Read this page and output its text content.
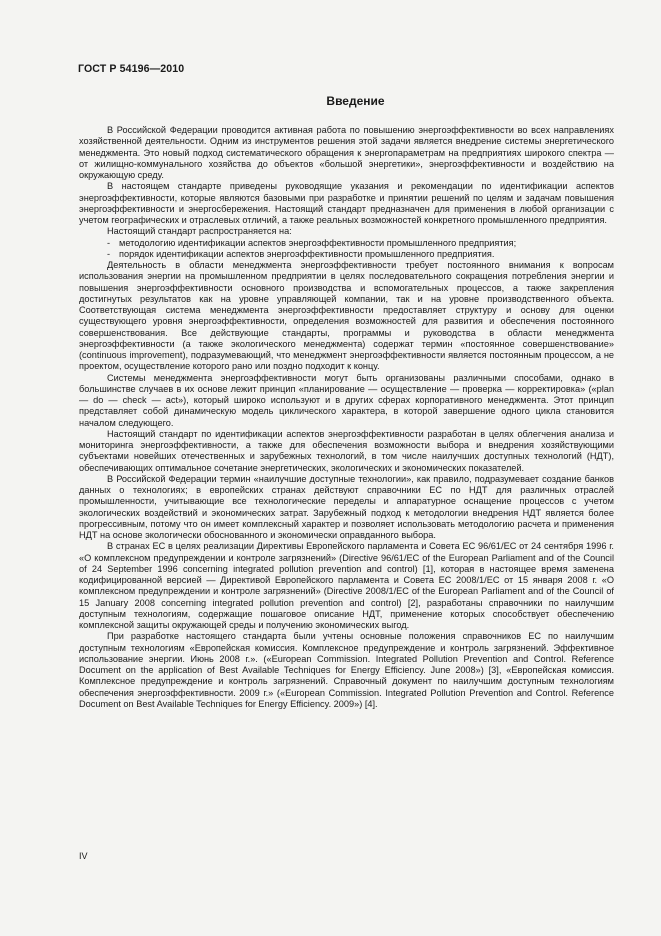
ГОСТ Р 54196—2010
Введение

В Российской Федерации проводится активная работа по повышению энергоэффективности во всех направлениях хозяйственной деятельности. Одним из инструментов решения этой задачи является внедрение системы энергетического менеджмента. Это новый подход систематического обращения к энергопараметрам на предприятиях широкого спектра — от жилищно-коммунального хозяйства до объектов «большой энергетики», энергоэффективности и воздействию на окружающую среду.

В настоящем стандарте приведены руководящие указания и рекомендации по идентификации аспектов энергоэффективности, которые являются базовыми при разработке и принятии решений по целям и задачам повышения энергоэффективности и энергосбережения. Настоящий стандарт предназначен для применения в любой организации с учетом географических и отраслевых отличий, а также реальных возможностей конкретного промышленного предприятия.

Настоящий стандарт распространяется на:

- методологию идентификации аспектов энергоэффективности промышленного предприятия;
- порядок идентификации аспектов энергоэффективности промышленного предприятия.

Деятельность в области менеджмента энергоэффективности требует постоянного внимания к вопросам использования энергии на промышленном предприятии в целях последовательного сокращения потребления энергии и повышения энергоэффективности основного производства и вспомогательных процессов, а также закрепления достигнутых результатов как на уровне управляющей компании, так и на уровне производственного объекта. Соответствующая система менеджмента энергоэффективности предоставляет структуру и основу для оценки существующего уровня энергоэффективности, определения возможностей для развития и обеспечения постоянного совершенствования. Все действующие стандарты, программы и руководства в области менеджмента энергоэффективности (а также экологического менеджмента) содержат термин «постоянное совершенствование» (continuous improvement), подразумевающий, что менеджмент энергоэффективности является постоянным процессом, а не проектом, осуществление которого рано или поздно подходит к концу.

Системы менеджмента энергоэффективности могут быть организованы различными способами, однако в большинстве случаев в их основе лежит принцип «планирование — осуществление — проверка — корректировка» («plan — do — check — act»), который широко используют и в других сферах корпоративного менеджмента. Этот принцип представляет собой динамическую модель циклического характера, в которой завершение одного цикла становится началом следующего.

Настоящий стандарт по идентификации аспектов энергоэффективности разработан в целях облегчения анализа и мониторинга энергоэффективности, а также для обеспечения возможности выбора и внедрения хозяйствующими субъектами новейших отечественных и зарубежных технологий, в том числе наилучших доступных технологий (НДТ), обеспечивающих оптимальное сочетание энергетических, экологических и экономических показателей.

В Российской Федерации термин «наилучшие доступные технологии», как правило, подразумевает создание банков данных о технологиях; в европейских странах действуют справочники ЕС по НДТ для различных отраслей промышленности, учитывающие все технологические переделы и аппаратурное оснащение процессов с учетом экологических воздействий и экономических затрат. Зарубежный подход к методологии внедрения НДТ является более прогрессивным, потому что он имеет комплексный характер и позволяет использовать методологию расчета и применения НДТ на основе экологически обоснованного и экономически оправданного выбора.

В странах ЕС в целях реализации Директивы Европейского парламента и Совета ЕС 96/61/ЕС от 24 сентября 1996 г. «О комплексном предупреждении и контроле загрязнений» (Directive 96/61/EC of the European Parliament and of the Council of 24 September 1996 concerning integrated pollution prevention and control) [1], которая в настоящее время заменена кодифицированной версией — Директивой Европейского парламента и Совета ЕС 2008/1/ЕС от 15 января 2008 г. «О комплексном предупреждении и контроле загрязнений» (Directive 2008/1/EC of the European Parliament and of the Council of 15 January 2008 concerning integrated pollution prevention and control) [2], разработаны справочники по наилучшим доступным технологиям, содержащие пошаговое описание НДТ, применение которых способствует обеспечению комплексной защиты окружающей среды и получению экономических выгод.

При разработке настоящего стандарта были учтены основные положения справочников ЕС по наилучшим доступным технологиям «Европейская комиссия. Комплексное предупреждение и контроль загрязнений. Эффективное использование энергии. Июнь 2008 г.». («European Commission. Integrated Pollution Prevention and Control. Reference Document on the application of Best Available Techniques for Energy Efficiency. June 2008») [3], «Европейская комиссия. Комплексное предупреждение и контроль загрязнений. Справочный документ по наилучшим доступным технологиям обеспечения энергоэффективности. 2009 г.» («European Commission. Integrated Pollution Prevention and Control. Reference Document on Best Available Techniques for Energy Efficiency. 2009») [4].

IV
